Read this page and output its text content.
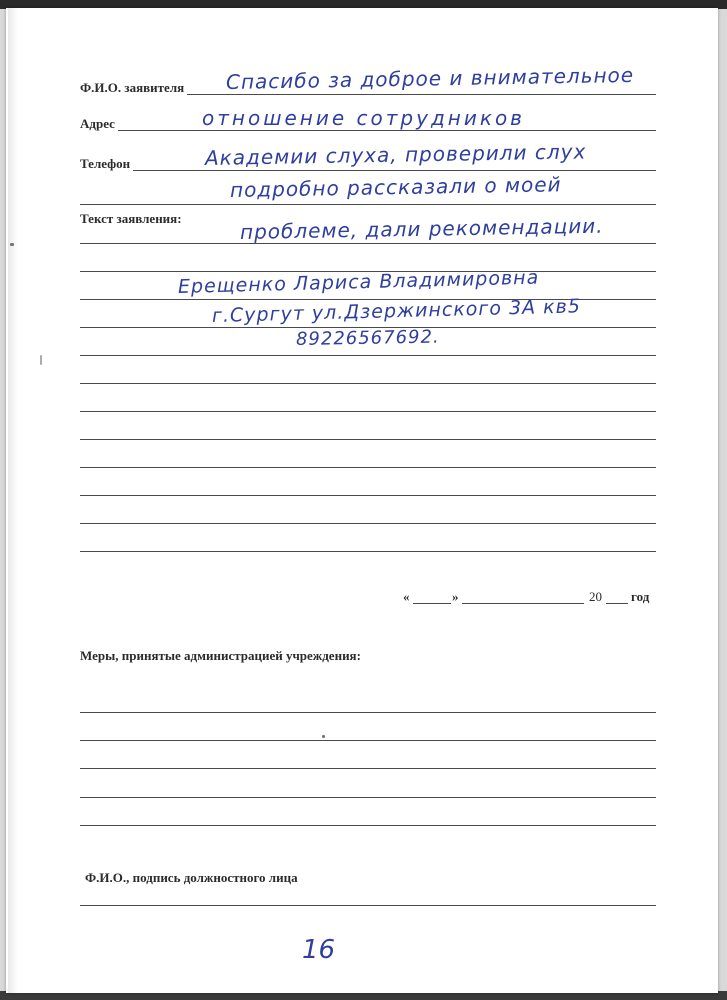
Ф.И.О. заявителя
Адрес
Телефон
Текст заявления:
Спасибо за доброе и внимательное
отношение сотрудников
Академии слуха, проверили слух
подробно рассказали о моей
проблеме, дали рекомендации.
Ерещенко Лариса Владимировна
г.Сургут ул.Дзержинского 3А кв5
89226567692.
«	»	20 год
Меры, принятые администрацией учреждения:
Ф.И.О., подпись должностного лица
16
